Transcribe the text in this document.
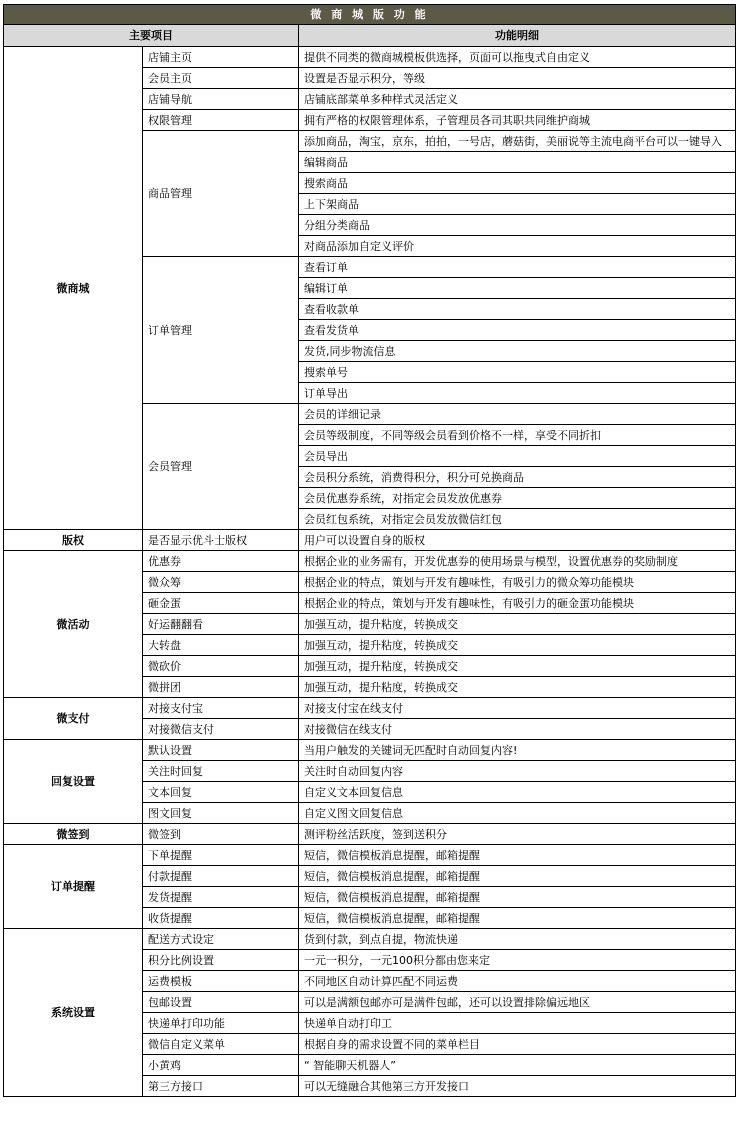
微 商 城 版 功 能		
主要项目		功能明细
微商城	店铺主页	提供不同类的微商城模板供选择，页面可以拖曳式自由定义
	会员主页	设置是否显示积分，等级
	店铺导航	店铺底部菜单多种样式灵活定义
	权限管理	拥有严格的权限管理体系，子管理员各司其职共同维护商城
	商品管理	添加商品，淘宝，京东，拍拍，一号店，蘑菇街，美丽说等主流电商平台可以一键导入
		编辑商品
		搜索商品
		上下架商品
		分组分类商品
		对商品添加自定义评价
	订单管理	查看订单
		编辑订单
		查看收款单
		查看发货单
		发货,同步物流信息
		搜索单号
		订单导出
	会员管理	会员的详细记录
		会员等级制度，不同等级会员看到价格不一样，享受不同折扣
		会员导出
		会员积分系统，消费得积分，积分可兑换商品
		会员优惠券系统，对指定会员发放优惠券
		会员红包系统，对指定会员发放微信红包
版权	是否显示优斗士版权	用户可以设置自身的版权
微活动	优惠券	根据企业的业务需有，开发优惠券的使用场景与模型，设置优惠券的奖励制度
	微众筹	根据企业的特点，策划与开发有趣味性，有吸引力的微众筹功能模块
	砸金蛋	根据企业的特点，策划与开发有趣味性，有吸引力的砸金蛋功能模块
	好运翻翻看	加强互动，提升粘度，转换成交
	大转盘	加强互动，提升粘度，转换成交
	微砍价	加强互动，提升粘度，转换成交
	微拼团	加强互动，提升粘度，转换成交
微支付	对接支付宝	对接支付宝在线支付
	对接微信支付	对接微信在线支付
回复设置	默认设置	当用户触发的关键词无匹配时自动回复内容!
	关注时回复	关注时自动回复内容
	文本回复	自定义文本回复信息
	图文回复	自定义图文回复信息
微签到	微签到	测评粉丝活跃度，签到送积分
订单提醒	下单提醒	短信，微信模板消息提醒，邮箱提醒
	付款提醒	短信，微信模板消息提醒，邮箱提醒
	发货提醒	短信，微信模板消息提醒，邮箱提醒
	收货提醒	短信，微信模板消息提醒，邮箱提醒
系统设置	配送方式设定	货到付款，到点自提，物流快递
	积分比例设置	一元一积分，一元100积分都由您来定
	运费模板	不同地区自动计算匹配不同运费
	包邮设置	可以是满额包邮亦可是满件包邮，还可以设置排除偏远地区
	快递单打印功能	快递单自动打印工
	微信自定义菜单	根据自身的需求设置不同的菜单栏目
	小黄鸡	“ 智能聊天机器人”
	第三方接口	可以无缝融合其他第三方开发接口
